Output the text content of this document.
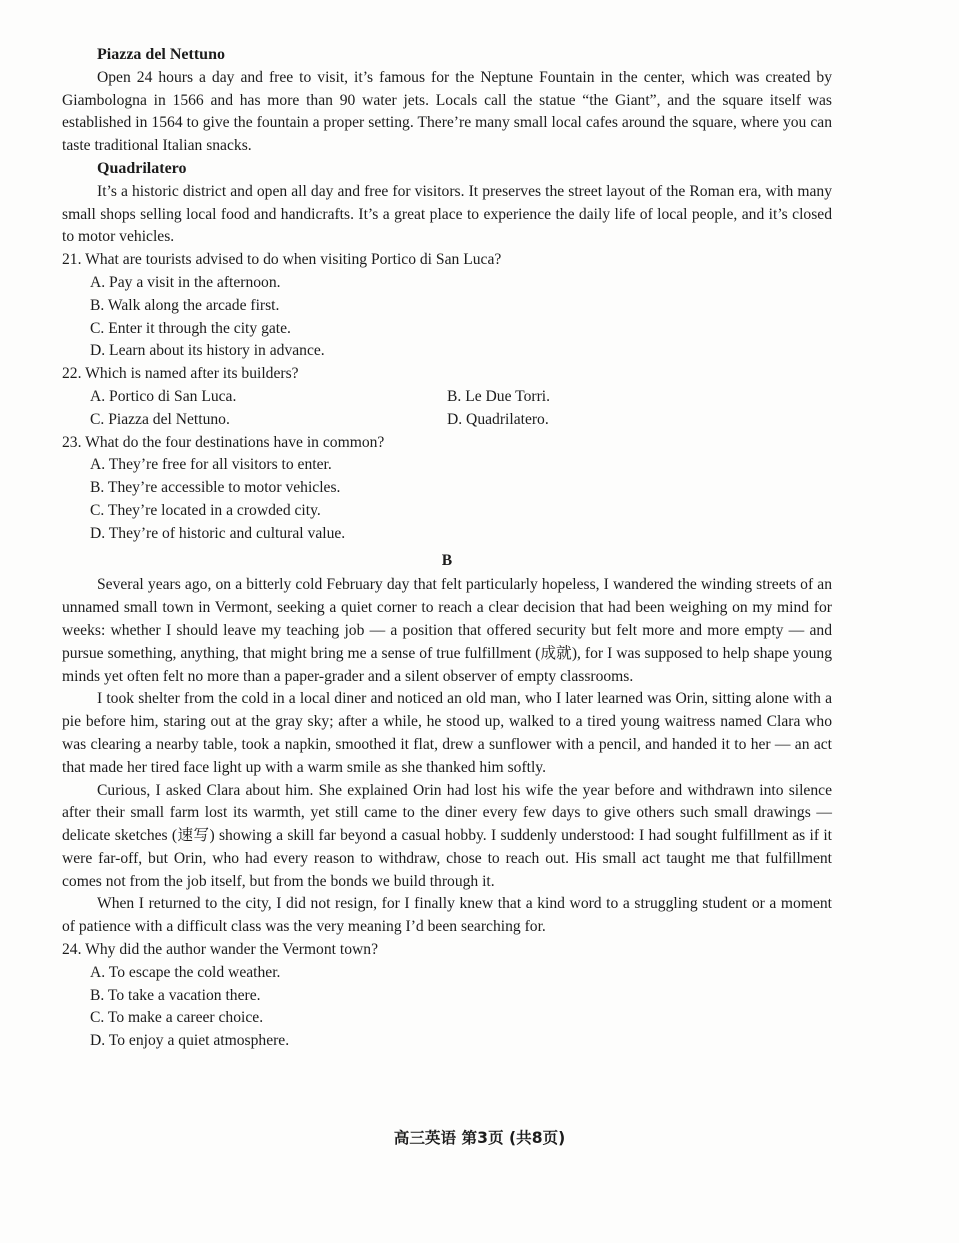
Piazza del Nettuno

Open 24 hours a day and free to visit, it’s famous for the Neptune Fountain in the center, which was created by Giambologna in 1566 and has more than 90 water jets. Locals call the statue “the Giant”, and the square itself was established in 1564 to give the fountain a proper setting. There’re many small local cafes around the square, where you can taste traditional Italian snacks.

Quadrilatero

It’s a historic district and open all day and free for visitors. It preserves the street layout of the Roman era, with many small shops selling local food and handicrafts. It’s a great place to experience the daily life of local people, and it’s closed to motor vehicles.

21. What are tourists advised to do when visiting Portico di San Luca?

A. Pay a visit in the afternoon.

B. Walk along the arcade first.

C. Enter it through the city gate.

D. Learn about its history in advance.

22. Which is named after its builders?

A. Portico di San Luca.	B. Le Due Torri.

C. Piazza del Nettuno.	D. Quadrilatero.

23. What do the four destinations have in common?

A. They’re free for all visitors to enter.

B. They’re accessible to motor vehicles.

C. They’re located in a crowded city.

D. They’re of historic and cultural value.

B

Several years ago, on a bitterly cold February day that felt particularly hopeless, I wandered the winding streets of an unnamed small town in Vermont, seeking a quiet corner to reach a clear decision that had been weighing on my mind for weeks: whether I should leave my teaching job — a position that offered security but felt more and more empty — and pursue something, anything, that might bring me a sense of true fulfillment (成就), for I was supposed to help shape young minds yet often felt no more than a paper-grader and a silent observer of empty classrooms.

I took shelter from the cold in a local diner and noticed an old man, who I later learned was Orin, sitting alone with a pie before him, staring out at the gray sky; after a while, he stood up, walked to a tired young waitress named Clara who was clearing a nearby table, took a napkin, smoothed it flat, drew a sunflower with a pencil, and handed it to her — an act that made her tired face light up with a warm smile as she thanked him softly.

Curious, I asked Clara about him. She explained Orin had lost his wife the year before and withdrawn into silence after their small farm lost its warmth, yet still came to the diner every few days to give others such small drawings — delicate sketches (速写) showing a skill far beyond a casual hobby. I suddenly understood: I had sought fulfillment as if it were far-off, but Orin, who had every reason to withdraw, chose to reach out. His small act taught me that fulfillment comes not from the job itself, but from the bonds we build through it.

When I returned to the city, I did not resign, for I finally knew that a kind word to a struggling student or a moment of patience with a difficult class was the very meaning I’d been searching for.

24. Why did the author wander the Vermont town?

A. To escape the cold weather.

B. To take a vacation there.

C. To make a career choice.

D. To enjoy a quiet atmosphere.

高三英语 第3页 (共8页)
